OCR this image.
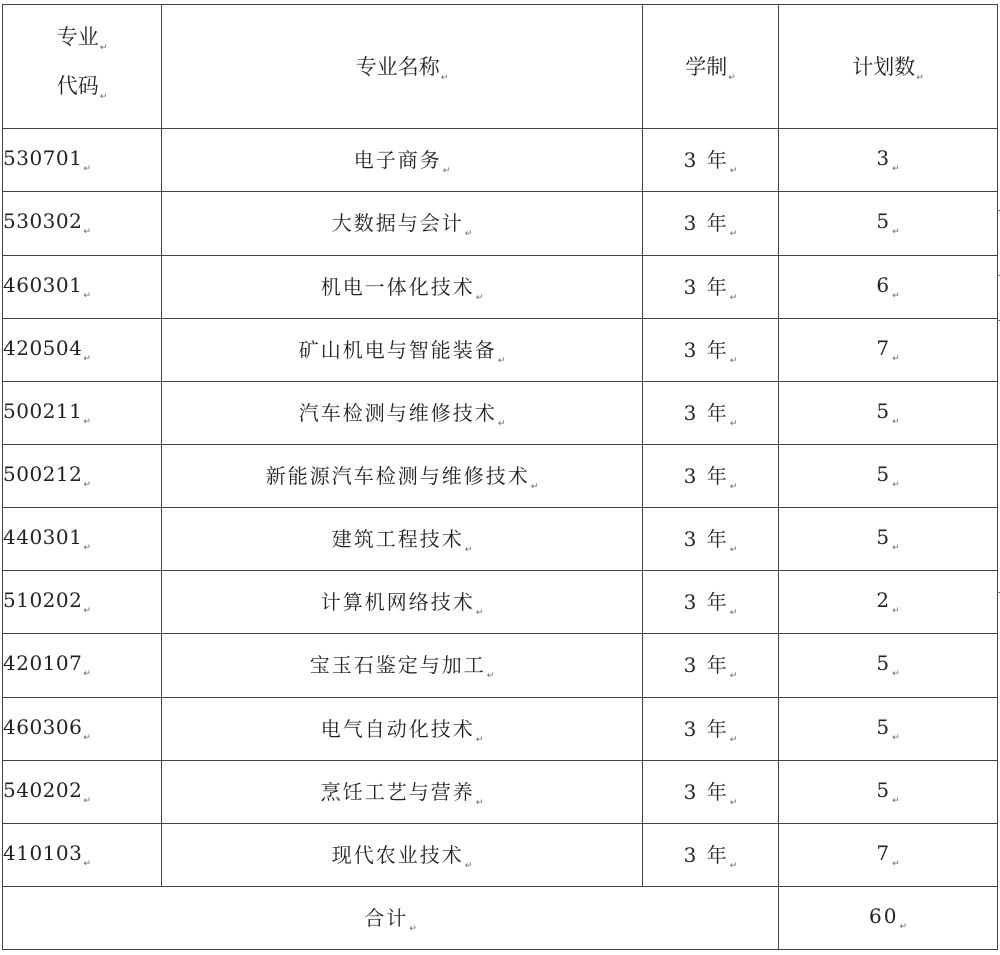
专业$_↵$
代码$_↵$	专业名称$_↵$	学制$_↵$	计划数$_↵$
$530701_↵$	电子商务$_↵$	3 年$_↵$	$3_↵$
$530302_↵$	大数据与会计$_↵$	3 年$_↵$	$5_↵$
$460301_↵$	机电一体化技术$_↵$	3 年$_↵$	$6_↵$
$420504_↵$	矿山机电与智能装备$_↵$	3 年$_↵$	$7_↵$
$500211_↵$	汽车检测与维修技术$_↵$	3 年$_↵$	$5_↵$
$500212_↵$	新能源汽车检测与维修技术$_↵$	3 年$_↵$	$5_↵$
$440301_↵$	建筑工程技术$_↵$	3 年$_↵$	$5_↵$
$510202_↵$	计算机网络技术$_↵$	3 年$_↵$	$2_↵$
$420107_↵$	宝玉石鉴定与加工$_↵$	3 年$_↵$	$5_↵$
$460306_↵$	电气自动化技术$_↵$	3 年$_↵$	$5_↵$
$540202_↵$	烹饪工艺与营养$_↵$	3 年$_↵$	$5_↵$
$410103_↵$	现代农业技术$_↵$	3 年$_↵$	$7_↵$
合计$_↵$			$60_↵$
